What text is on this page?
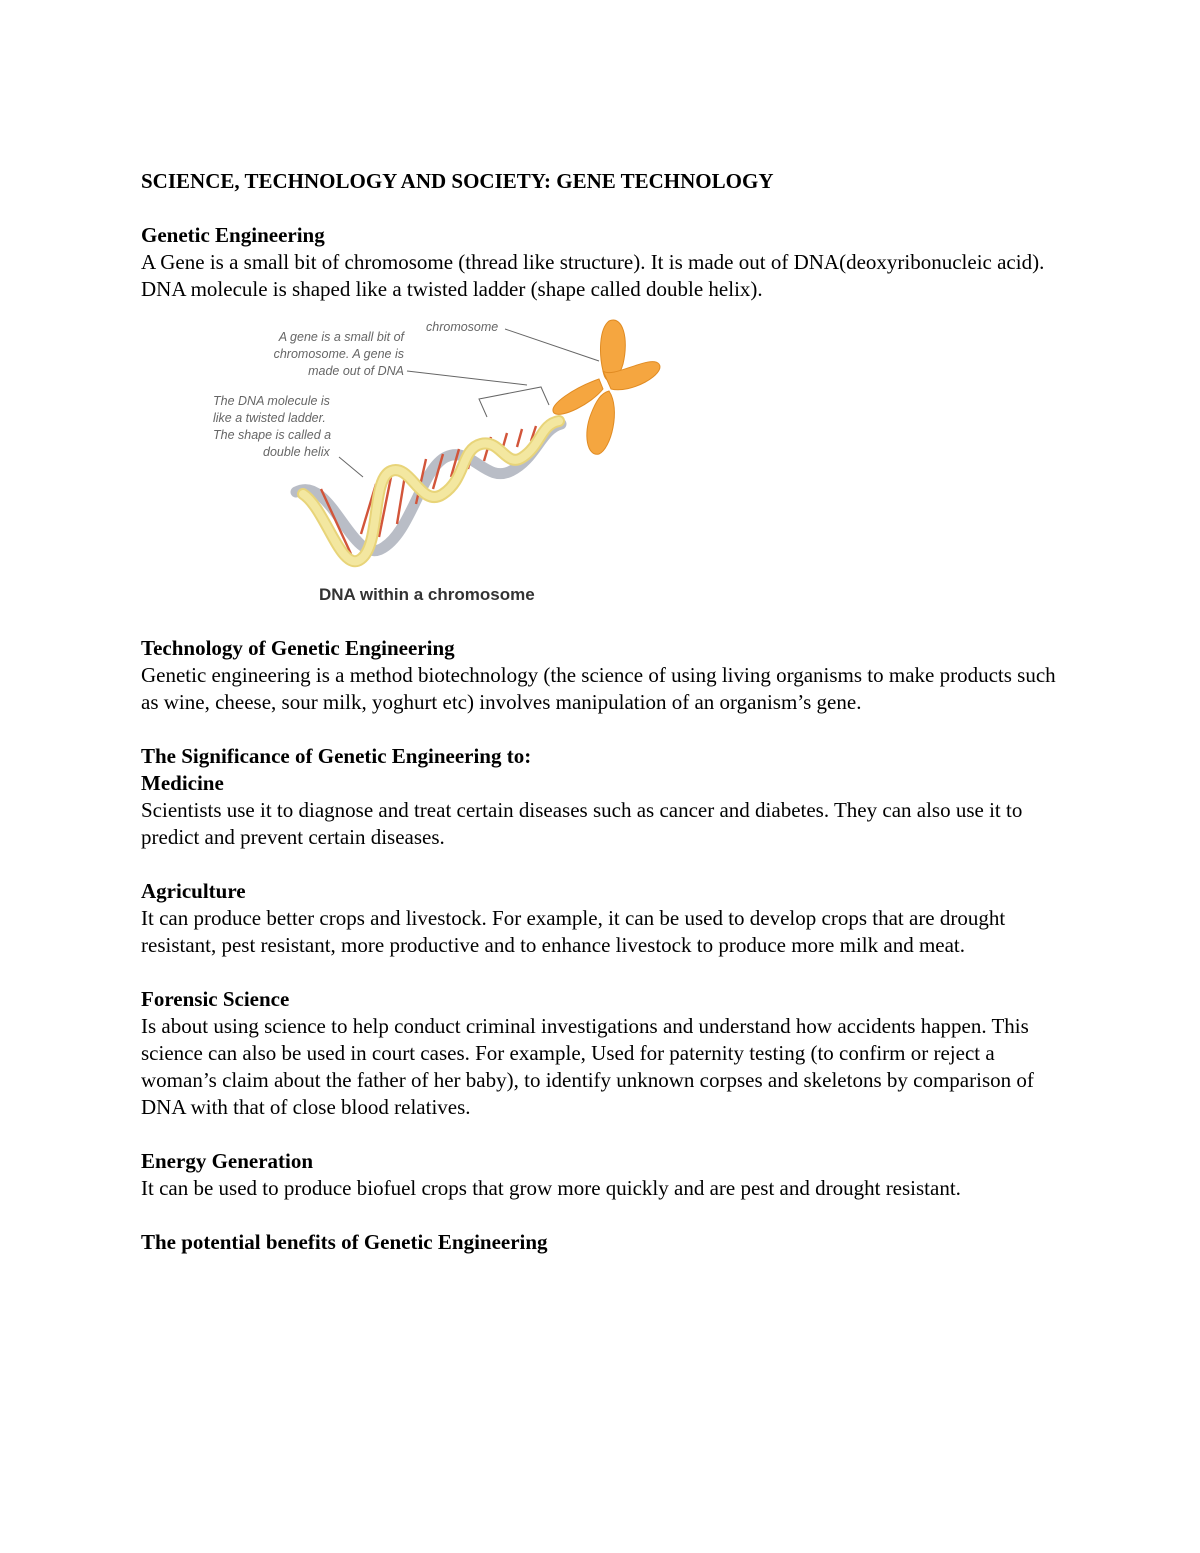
SCIENCE, TECHNOLOGY AND SOCIETY: GENE TECHNOLOGY

Genetic Engineering

A Gene is a small bit of chromosome (thread like structure). It is made out of DNA(deoxyribonucleic acid). DNA molecule is shaped like a twisted ladder (shape called double helix).

A gene is a small bit of
chromosome. A gene is
made out of DNA
chromosome
The DNA molecule is
like a twisted ladder.
The shape is called a
double helix
DNA within a chromosome

Technology of Genetic Engineering

Genetic engineering is a method biotechnology (the science of using living organisms to make products such as wine, cheese, sour milk, yoghurt etc) involves manipulation of an organism’s gene.

The Significance of Genetic Engineering to:

Medicine

Scientists use it to diagnose and treat certain diseases such as cancer and diabetes. They can also use it to predict and prevent certain diseases.

Agriculture

It can produce better crops and livestock. For example, it can be used to develop crops that are drought resistant, pest resistant, more productive and to enhance livestock to produce more milk and meat.

Forensic Science

Is about using science to help conduct criminal investigations and understand how accidents happen. This science can also be used in court cases. For example, Used for paternity testing (to confirm or reject a woman’s claim about the father of her baby), to identify unknown corpses and skeletons by comparison of DNA with that of close blood relatives.

Energy Generation

It can be used to produce biofuel crops that grow more quickly and are pest and drought resistant.

The potential benefits of Genetic Engineering
